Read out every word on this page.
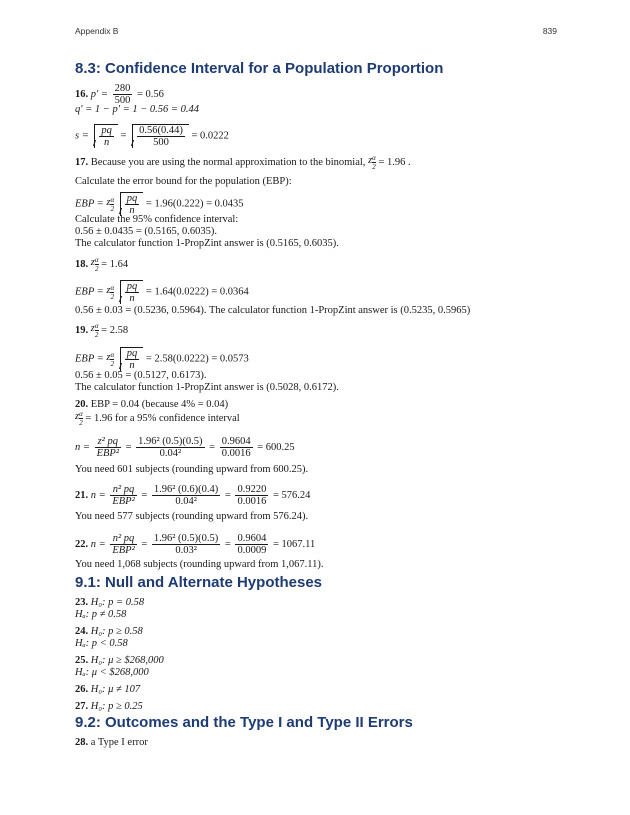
Appendix B	839
8.3: Confidence Interval for a Population Proportion
16. $p' = \frac{280}{500} = 0.56$
q′ = 1 − p′ = 1 − 0.56 = 0.44
$s = \frac{pq}{n} = \frac{0.56(0.44)}{500} = 0.0222$
17. Because you are using the normal approximation to the binomial, z $\frac{\alpha}{2} = 1.96$ .
Calculate the error bound for the population (EBP):
EBP = z $\frac{\alpha}{2}$
$\frac{pq}{n} = 1.96(0.222) = 0.0435$
Calculate the 95% confidence interval:
0.56 ± 0.0435 = (0.5165, 0.6035).
The calculator function 1-PropZint answer is (0.5165, 0.6035).
18. z $\frac{\alpha}{2} = 1.64$
EBP = z $\frac{\alpha}{2}$
$\frac{pq}{n} = 1.64(0.0222) = 0.0364$
0.56 ± 0.03 = (0.5236, 0.5964). The calculator function 1-PropZint answer is (0.5235, 0.5965)
19. z $\frac{\alpha}{2} = 2.58$
EBP = z $\frac{\alpha}{2}$
$\frac{pq}{n} = 2.58(0.0222) = 0.0573$
0.56 ± 0.05 = (0.5127, 0.6173).
The calculator function 1-PropZint answer is (0.5028, 0.6172).
20. EBP = 0.04 (because 4% = 0.04)
z $\frac{\alpha}{2} = 1.96$ for a 95% confidence interval
$n = \frac{\text{z² pq}}{\text{EBP²}} = \frac{\text{1.96² (0.5)(0.5)}}{\text{0.04²}} = \frac{0.9604}{0.0016} = 600.25$
You need 601 subjects (rounding upward from 600.25).
21. $n = \frac{\text{n² pq}}{\text{EBP²}} = \frac{\text{1.96² (0.6)(0.4)}}{\text{0.04²}} = \frac{0.9220}{0.0016} = 576.24$
You need 577 subjects (rounding upward from 576.24).
22. $n = \frac{\text{n² pq}}{\text{EBP²}} = \frac{\text{1.96² (0.5)(0.5)}}{\text{0.03²}} = \frac{0.9604}{0.0009} = 1067.11$
You need 1,068 subjects (rounding upward from 1,067.11).
9.1: Null and Alternate Hypotheses
23. H₀: p = 0.58
Hₐ: p ≠ 0.58
24. H₀: p ≥ 0.58
Hₐ: p < 0.58
25. H₀: μ ≥ $268,000
Hₐ: μ < $268,000
26. H₀: μ ≠ 107
27. H₀: p ≥ 0.25
9.2: Outcomes and the Type I and Type II Errors
28. a Type I error
